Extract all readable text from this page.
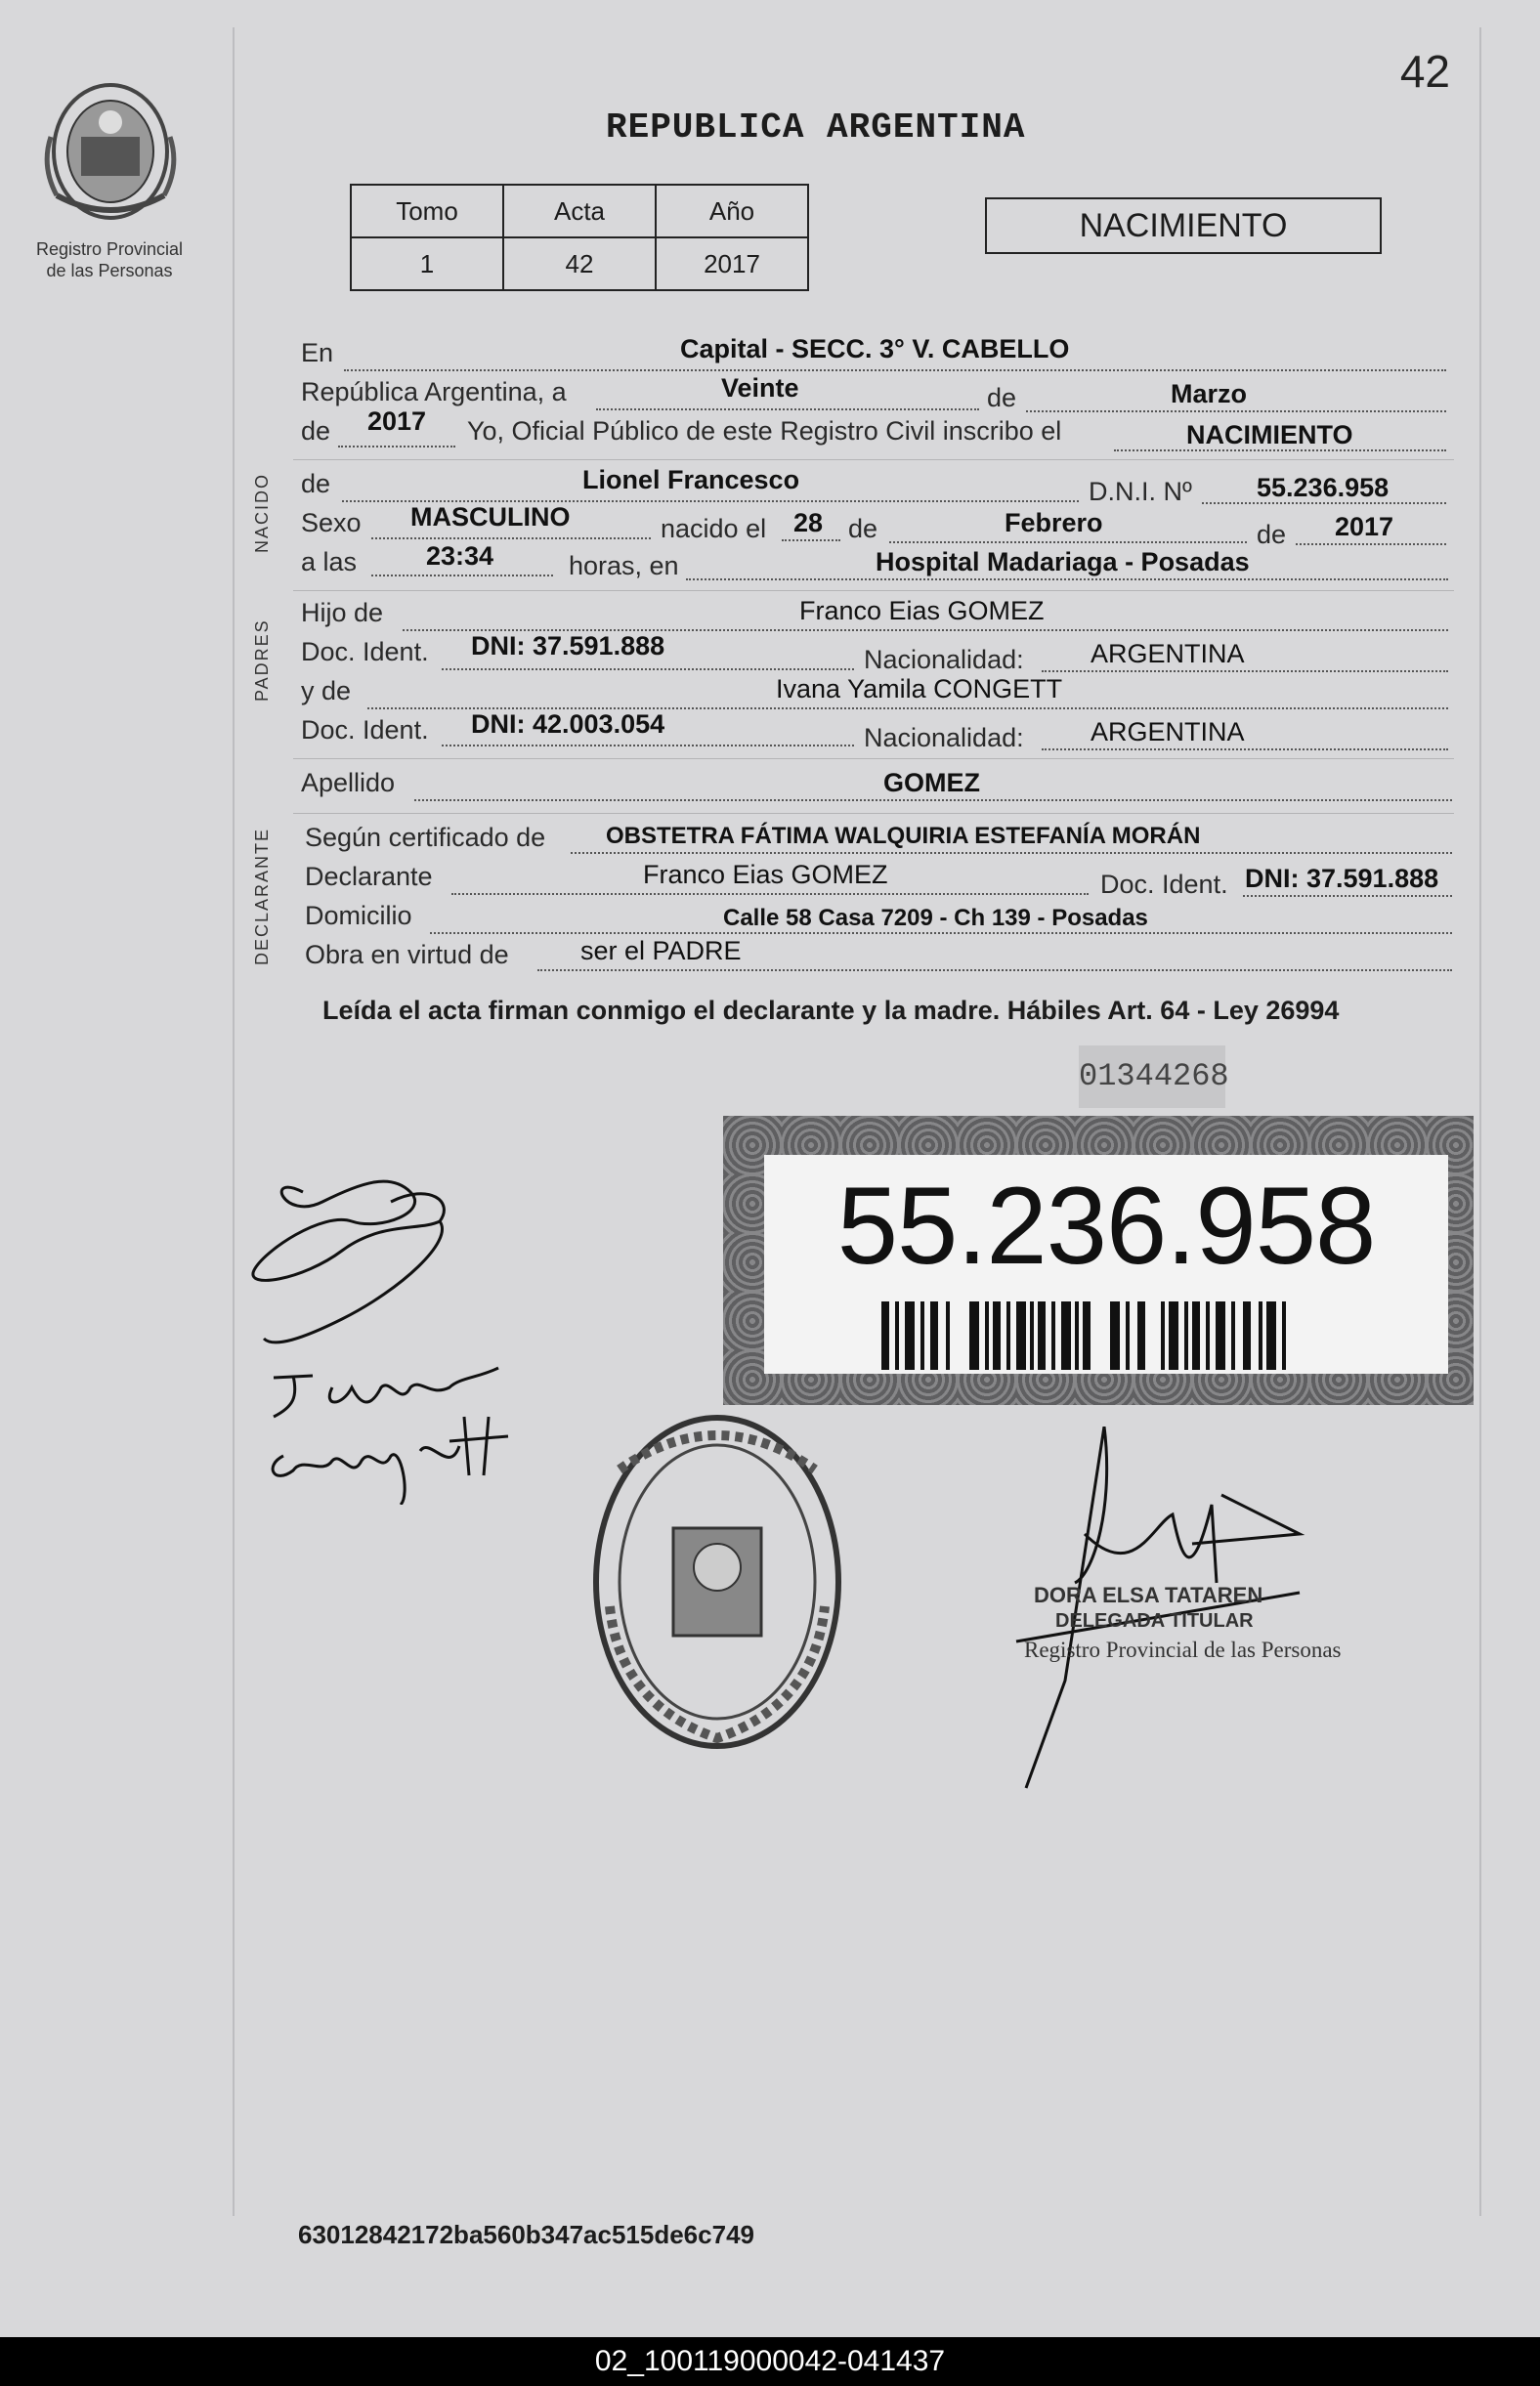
Registro Provincial
de las Personas
42
REPUBLICA ARGENTINA
Tomo	Acta	Año
1	42	2017
NACIMIENTO
En	Capital - SECC. 3° V. CABELLO
República Argentina, a	Veinte	de	Marzo
de 2017 Yo, Oficial Público de este Registro Civil inscribo el	NACIMIENTO
NACIDO de	Lionel Francesco	D.N.I. Nº 55.236.958
Sexo MASCULINO	nacido el 28 de	Febrero	de 2017
a las	23:34	horas, en	Hospital Madariaga - Posadas
PADRES
Hijo de	Franco Eias GOMEZ
Doc. Ident. DNI: 37.591.888	Nacionalidad:	ARGENTINA
y de	Ivana Yamila CONGETT
Doc. Ident. DNI: 42.003.054	Nacionalidad:	ARGENTINA
Apellido	GOMEZ
DECLARANTE Según certificado de	OBSTETRA FÁTIMA WALQUIRIA ESTEFANÍA MORÁN
Declarante	Franco Eias GOMEZ	Doc. Ident. DNI: 37.591.888
Domicilio	Calle 58 Casa 7209 - Ch 139 - Posadas
Obra en virtud de	ser el PADRE
Leída el acta firman conmigo el declarante y la madre. Hábiles Art. 64 - Ley 26994
01344268
55.236.958
DORA ELSA TATAREN
DELEGADA TITULAR
Registro Provincial de las Personas
63012842172ba560b347ac515de6c749
02_100119000042-041437
